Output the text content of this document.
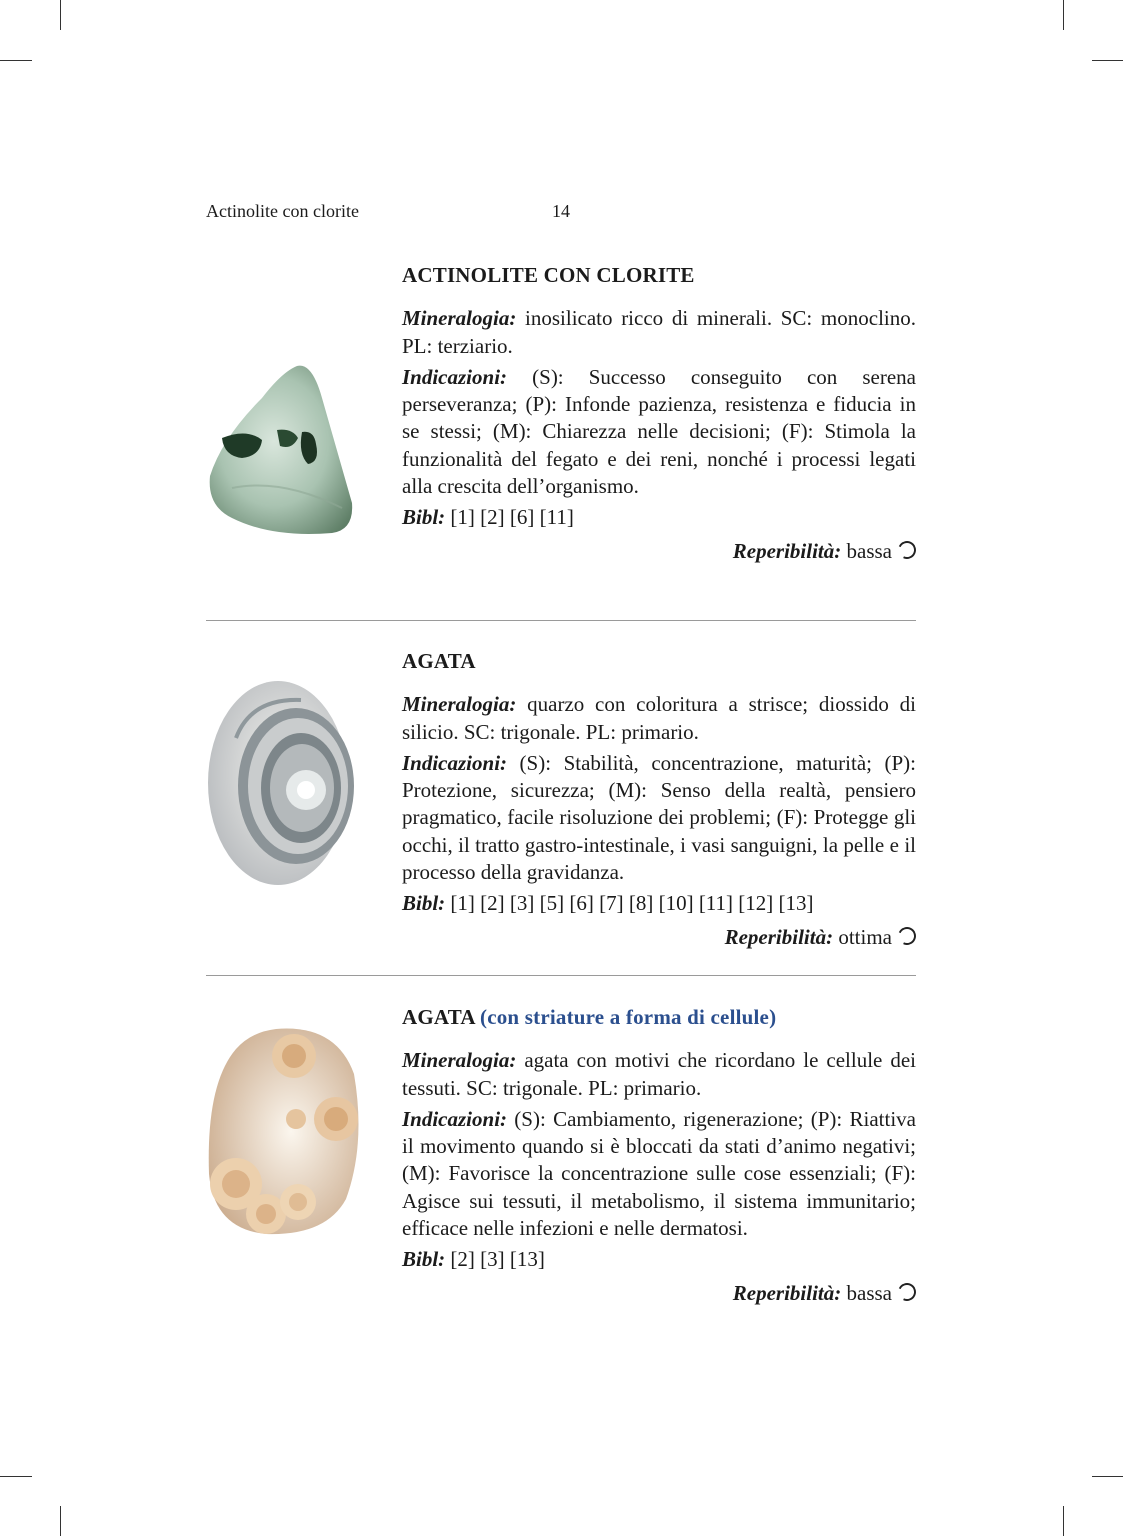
Actinolite con clorite	14
ACTINOLITE CON CLORITE

Mineralogia: inosilicato ricco di minerali. SC: monoclino. PL: terziario.

Indicazioni: (S): Successo conseguito con serena perseveranza; (P): Infonde pazienza, resistenza e fiducia in se stessi; (M): Chiarezza nelle decisioni; (F): Stimola la funzionalità del fegato e dei reni, nonché i processi legati alla crescita dell’organismo.

Bibl: [1] [2] [6] [11]

Reperibilità: bassa
AGATA

Mineralogia: quarzo con coloritura a strisce; diossido di silicio. SC: trigonale. PL: primario.

Indicazioni: (S): Stabilità, concentrazione, maturità; (P): Protezione, sicurezza; (M): Senso della realtà, pensiero pragmatico, facile risoluzione dei problemi; (F): Protegge gli occhi, il tratto gastro-intestinale, i vasi sanguigni, la pelle e il processo della gravidanza.

Bibl: [1] [2] [3] [5] [6] [7] [8] [10] [11] [12] [13]

Reperibilità: ottima
AGATA (con striature a forma di cellule)

Mineralogia: agata con motivi che ricordano le cellule dei tessuti. SC: trigonale. PL: primario.

Indicazioni: (S): Cambiamento, rigenerazione; (P): Riattiva il movimento quando si è bloccati da stati d’animo negativi; (M): Favorisce la concentrazione sulle cose essenziali; (F): Agisce sui tessuti, il metabolismo, il sistema immunitario; efficace nelle infezioni e nelle dermatosi.

Bibl: [2] [3] [13]

Reperibilità: bassa
